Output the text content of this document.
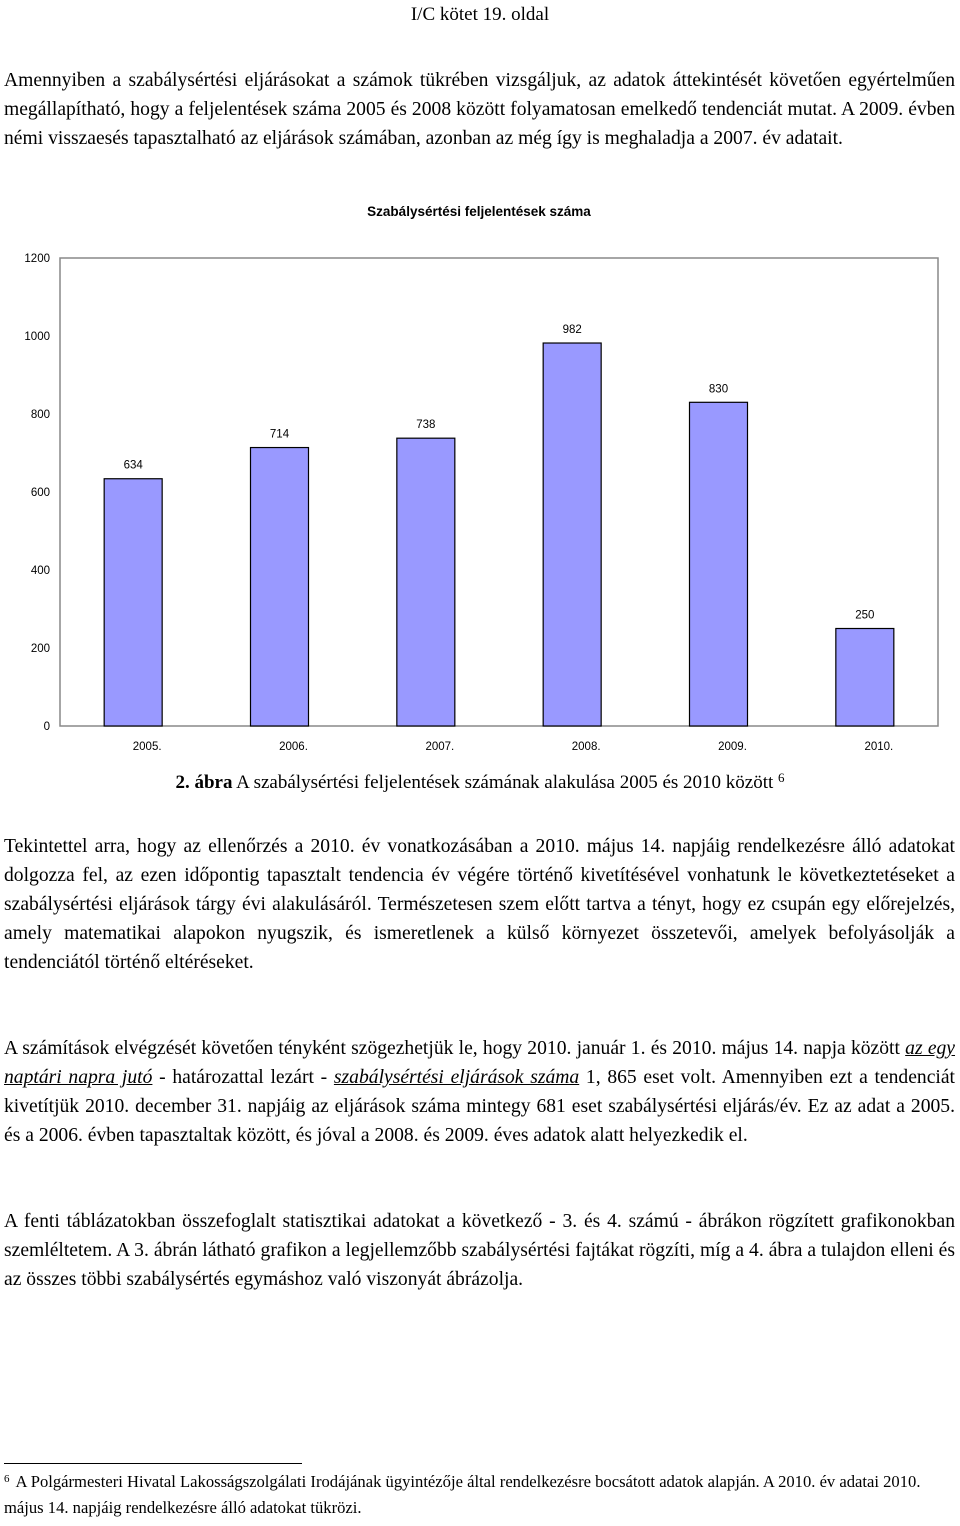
I/C kötet 19. oldal

Amennyiben a szabálysértési eljárásokat a számok tükrében vizsgáljuk, az adatok áttekintését követően egyértelműen megállapítható, hogy a feljelentések száma 2005 és 2008 között folyamatosan emelkedő tendenciát mutat. A 2009. évben némi visszaesés tapasztalható az eljárások számában, azonban az még így is meghaladja a 2007. év adatait.

Szabálysértési feljelentések száma
0
200
400
600
800
1000
1200
634
2005.
714
2006.
738
2007.
982
2008.
830
2009.
250
2010.
2. ábra A szabálysértési feljelentések számának alakulása 2005 és 2010 között $^6$

Tekintettel arra, hogy az ellenőrzés a 2010. év vonatkozásában a 2010. május 14. napjáig rendelkezésre álló adatokat dolgozza fel, az ezen időpontig tapasztalt tendencia év végére történő kivetítésével vonhatunk le következtetéseket a szabálysértési eljárások tárgy évi alakulásáról. Természetesen szem előtt tartva a tényt, hogy ez csupán egy előrejelzés, amely matematikai alapokon nyugszik, és ismeretlenek a külső környezet összetevői, amelyek befolyásolják a tendenciától történő eltéréseket.

A számítások elvégzését követően tényként szögezhetjük le, hogy 2010. január 1. és 2010. május 14. napja között az egy naptári napra jutó - határozattal lezárt - szabálysértési eljárások száma 1, 865 eset volt. Amennyiben ezt a tendenciát kivetítjük 2010. december 31. napjáig az eljárások száma mintegy 681 eset szabálysértési eljárás/év. Ez az adat a 2005. és a 2006. évben tapasztaltak között, és jóval a 2008. és 2009. éves adatok alatt helyezkedik el.

A fenti táblázatokban összefoglalt statisztikai adatokat a következő - 3. és 4. számú - ábrákon rögzített grafikonokban szemléltetem. A 3. ábrán látható grafikon a legjellemzőbb szabálysértési fajtákat rögzíti, míg a 4. ábra a tulajdon elleni és az összes többi szabálysértés egymáshoz való viszonyát ábrázolja.

$^6$ A Polgármesteri Hivatal Lakosságszolgálati Irodájának ügyintézője által rendelkezésre bocsátott adatok alapján. A 2010. év adatai 2010. május 14. napjáig rendelkezésre álló adatokat tükrözi.
